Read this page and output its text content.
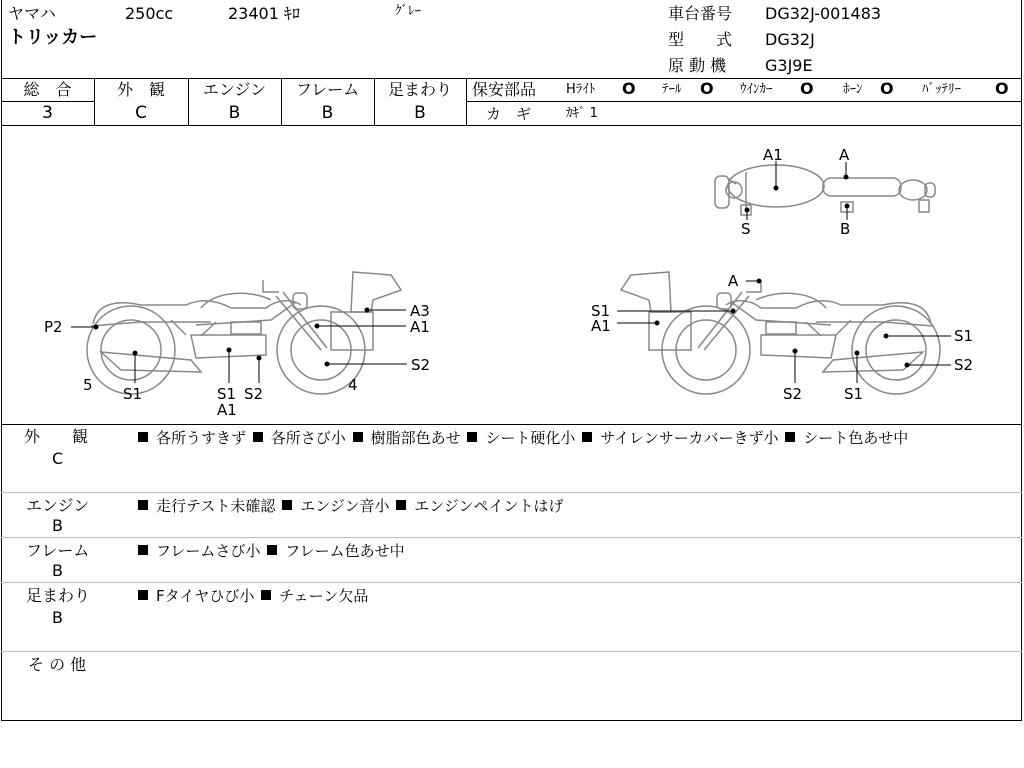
ヤマハ	250cc	23401 ｷﾛ	ｸﾞﾚｰ
トリッカー
車台番号 DG32J-001483
型　　式 DG32J
原 動 機 G3J9E
総　合
3
外　観
C
エンジン
B
フレーム
B
足まわり
B
保安部品 Hﾗｲﾄ O ﾃｰﾙ O ｳｲﾝｶｰ O ﾎｰﾝ O ﾊﾞｯﾃﾘｰ O
カ　ギ	ｶｷﾞ 1
A1	A
S	B
A3
A1
P2
S2
5 S1	S1 S2
A1
4
A
S1
A1
S1
S2
S2	S1
外　　観
C
各所うすきず 各所さび小 樹脂部色あせ シート硬化小 サイレンサーカバーきず小 シート色あせ中
エンジン
B
走行テスト未確認 エンジン音小 エンジンペイントはげ
フレーム
B
フレームさび小 フレーム色あせ中
足まわり
B
Fタイヤひび小 チェーン欠品
そ の 他
